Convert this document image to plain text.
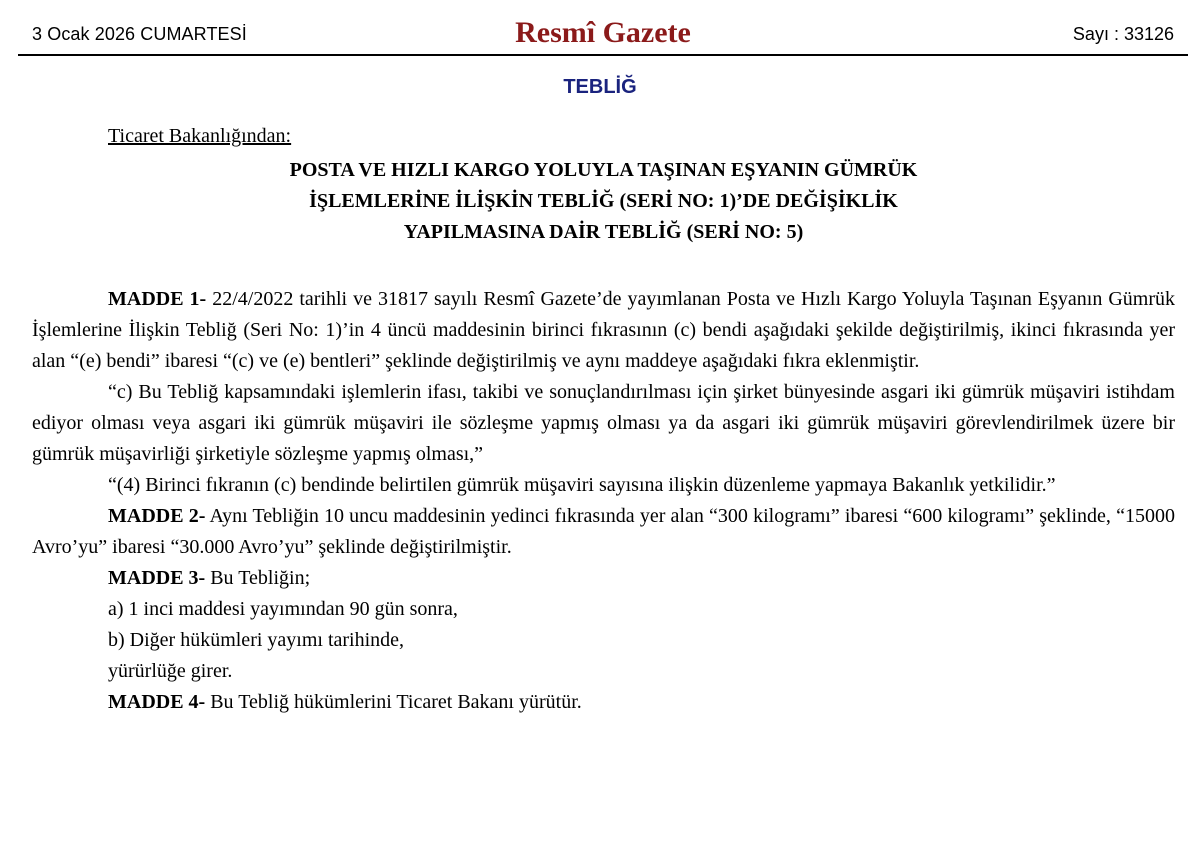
3 Ocak 2026 CUMARTESİ	Resmî Gazete	Sayı : 33126
TEBLİĞ
Ticaret Bakanlığından:
POSTA VE HIZLI KARGO YOLUYLA TAŞINAN EŞYANIN GÜMRÜK
İŞLEMLERİNE İLİŞKİN TEBLİĞ (SERİ NO: 1)’DE DEĞİŞİKLİK
YAPILMASINA DAİR TEBLİĞ (SERİ NO: 5)

MADDE 1- 22/4/2022 tarihli ve 31817 sayılı Resmî Gazete’de yayımlanan Posta ve Hızlı Kargo Yoluyla Taşınan Eşyanın Gümrük İşlemlerine İlişkin Tebliğ (Seri No: 1)’in 4 üncü maddesinin birinci fıkrasının (c) bendi aşağıdaki şekilde değiştirilmiş, ikinci fıkrasında yer alan “(e) bendi” ibaresi “(c) ve (e) bentleri” şeklinde değiştirilmiş ve aynı maddeye aşağıdaki fıkra eklenmiştir.

“c) Bu Tebliğ kapsamındaki işlemlerin ifası, takibi ve sonuçlandırılması için şirket bünyesinde asgari iki gümrük müşaviri istihdam ediyor olması veya asgari iki gümrük müşaviri ile sözleşme yapmış olması ya da asgari iki gümrük müşaviri görevlendirilmek üzere bir gümrük müşavirliği şirketiyle sözleşme yapmış olması,”

“(4) Birinci fıkranın (c) bendinde belirtilen gümrük müşaviri sayısına ilişkin düzenleme yapmaya Bakanlık yetkilidir.”

MADDE 2- Aynı Tebliğin 10 uncu maddesinin yedinci fıkrasında yer alan “300 kilogramı” ibaresi “600 kilogramı” şeklinde, “15000 Avro’yu” ibaresi “30.000 Avro’yu” şeklinde değiştirilmiştir.

MADDE 3- Bu Tebliğin;

a) 1 inci maddesi yayımından 90 gün sonra,

b) Diğer hükümleri yayımı tarihinde,

yürürlüğe girer.

MADDE 4- Bu Tebliğ hükümlerini Ticaret Bakanı yürütür.
